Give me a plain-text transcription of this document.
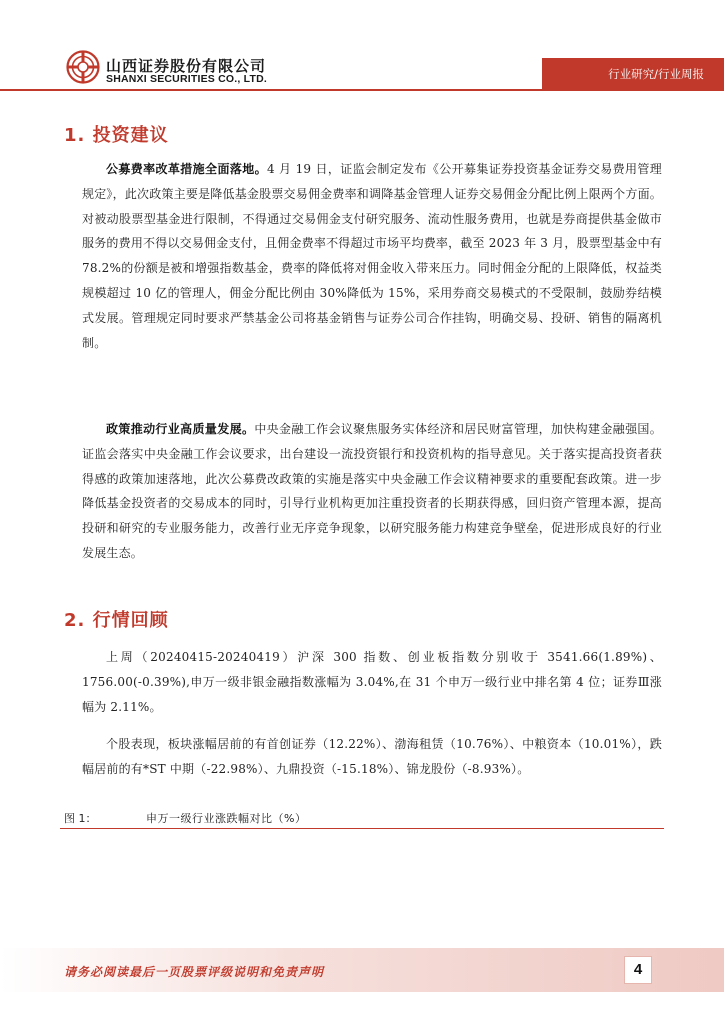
山西证券股份有限公司
SHANXI SECURITIES CO., LTD.	行业研究/行业周报
1. 投资建议

公募费率改革措施全面落地。4 月 19 日，证监会制定发布《公开募集证券投资基金证券交易费用管理规定》，此次政策主要是降低基金股票交易佣金费率和调降基金管理人证券交易佣金分配比例上限两个方面。对被动股票型基金进行限制，不得通过交易佣金支付研究服务、流动性服务费用，也就是券商提供基金做市服务的费用不得以交易佣金支付，且佣金费率不得超过市场平均费率，截至 2023 年 3 月，股票型基金中有 78.2%的份额是被和增强指数基金，费率的降低将对佣金收入带来压力。同时佣金分配的上限降低，权益类规模超过 10 亿的管理人，佣金分配比例由 30%降低为 15%，采用券商交易模式的不受限制，鼓励券结模式发展。管理规定同时要求严禁基金公司将基金销售与证券公司合作挂钩，明确交易、投研、销售的隔离机制。

政策推动行业高质量发展。中央金融工作会议聚焦服务实体经济和居民财富管理，加快构建金融强国。证监会落实中央金融工作会议要求，出台建设一流投资银行和投资机构的指导意见。关于落实提高投资者获得感的政策加速落地，此次公募费改政策的实施是落实中央金融工作会议精神要求的重要配套政策。进一步降低基金投资者的交易成本的同时，引导行业机构更加注重投资者的长期获得感，回归资产管理本源，提高投研和研究的专业服务能力，改善行业无序竞争现象，以研究服务能力构建竞争壁垒，促进形成良好的行业发展生态。

2. 行情回顾

上周（20240415-20240419）沪深 300 指数、创业板指数分别收于 3541.66(1.89%)、1756.00(-0.39%),申万一级非银金融指数涨幅为 3.04%,在 31 个申万一级行业中排名第 4 位；证券Ⅲ涨幅为 2.11%。

个股表现，板块涨幅居前的有首创证券（12.22%）、渤海租赁（10.76%）、中粮资本（10.01%），跌幅居前的有*ST 中期（-22.98%）、九鼎投资（-15.18%）、锦龙股份（-8.93%）。

图 1：	申万一级行业涨跌幅对比（%）
请务必阅读最后一页股票评级说明和免责声明	4
